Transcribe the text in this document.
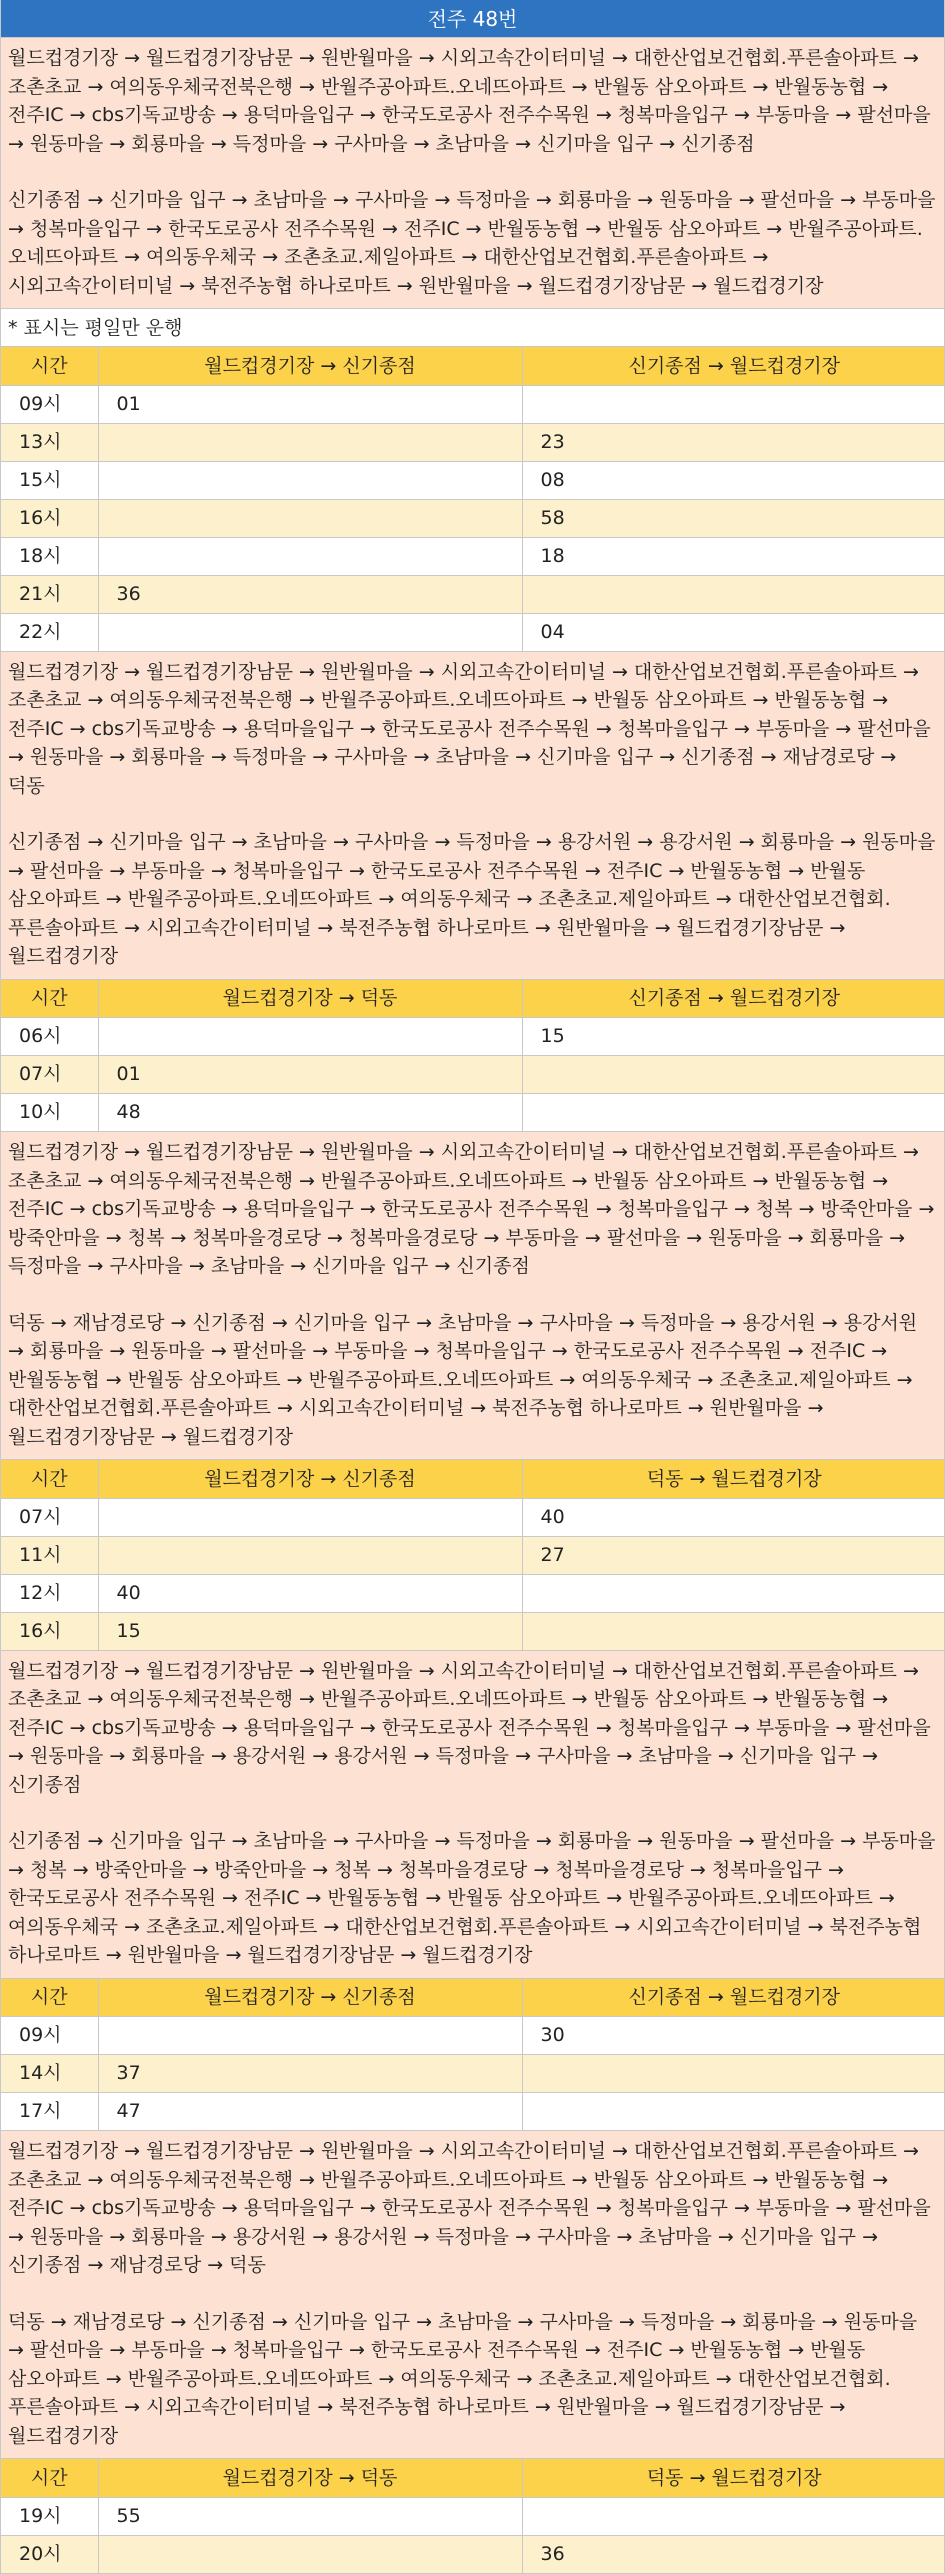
전주 48번

월드컵경기장 → 월드컵경기장남문 → 원반월마을 → 시외고속간이터미널 → 대한산업보건협회.푸른솔아파트 → 조촌초교 → 여의동우체국전북은행 → 반월주공아파트.오네뜨아파트 → 반월동 삼오아파트 → 반월동농협 → 전주IC → cbs기독교방송 → 용덕마을입구 → 한국도로공사 전주수목원 → 청복마을입구 → 부동마을 → 팔선마을 → 원동마을 → 회룡마을 → 득정마을 → 구사마을 → 초남마을 → 신기마을 입구 → 신기종점

신기종점 → 신기마을 입구 → 초남마을 → 구사마을 → 득정마을 → 회룡마을 → 원동마을 → 팔선마을 → 부동마을 → 청복마을입구 → 한국도로공사 전주수목원 → 전주IC → 반월동농협 → 반월동 삼오아파트 → 반월주공아파트.오네뜨아파트 → 여의동우체국 → 조촌초교.제일아파트 → 대한산업보건협회.푸른솔아파트 → 시외고속간이터미널 → 북전주농협 하나로마트 → 원반월마을 → 월드컵경기장남문 → 월드컵경기장

* 표시는 평일만 운행
시간	월드컵경기장 → 신기종점	신기종점 → 월드컵경기장
09시	01	
13시		23
15시		08
16시		58
18시		18
21시	36	
22시		04

월드컵경기장 → 월드컵경기장남문 → 원반월마을 → 시외고속간이터미널 → 대한산업보건협회.푸른솔아파트 → 조촌초교 → 여의동우체국전북은행 → 반월주공아파트.오네뜨아파트 → 반월동 삼오아파트 → 반월동농협 → 전주IC → cbs기독교방송 → 용덕마을입구 → 한국도로공사 전주수목원 → 청복마을입구 → 부동마을 → 팔선마을 → 원동마을 → 회룡마을 → 득정마을 → 구사마을 → 초남마을 → 신기마을 입구 → 신기종점 → 재남경로당 → 덕동

신기종점 → 신기마을 입구 → 초남마을 → 구사마을 → 득정마을 → 용강서원 → 용강서원 → 회룡마을 → 원동마을 → 팔선마을 → 부동마을 → 청복마을입구 → 한국도로공사 전주수목원 → 전주IC → 반월동농협 → 반월동 삼오아파트 → 반월주공아파트.오네뜨아파트 → 여의동우체국 → 조촌초교.제일아파트 → 대한산업보건협회.푸른솔아파트 → 시외고속간이터미널 → 북전주농협 하나로마트 → 원반월마을 → 월드컵경기장남문 → 월드컵경기장

시간	월드컵경기장 → 덕동	신기종점 → 월드컵경기장
06시		15
07시	01	
10시	48	

월드컵경기장 → 월드컵경기장남문 → 원반월마을 → 시외고속간이터미널 → 대한산업보건협회.푸른솔아파트 → 조촌초교 → 여의동우체국전북은행 → 반월주공아파트.오네뜨아파트 → 반월동 삼오아파트 → 반월동농협 → 전주IC → cbs기독교방송 → 용덕마을입구 → 한국도로공사 전주수목원 → 청복마을입구 → 청복 → 방죽안마을 → 방죽안마을 → 청복 → 청복마을경로당 → 청복마을경로당 → 부동마을 → 팔선마을 → 원동마을 → 회룡마을 → 득정마을 → 구사마을 → 초남마을 → 신기마을 입구 → 신기종점

덕동 → 재남경로당 → 신기종점 → 신기마을 입구 → 초남마을 → 구사마을 → 득정마을 → 용강서원 → 용강서원 → 회룡마을 → 원동마을 → 팔선마을 → 부동마을 → 청복마을입구 → 한국도로공사 전주수목원 → 전주IC → 반월동농협 → 반월동 삼오아파트 → 반월주공아파트.오네뜨아파트 → 여의동우체국 → 조촌초교.제일아파트 → 대한산업보건협회.푸른솔아파트 → 시외고속간이터미널 → 북전주농협 하나로마트 → 원반월마을 → 월드컵경기장남문 → 월드컵경기장

시간	월드컵경기장 → 신기종점	덕동 → 월드컵경기장
07시		40
11시		27
12시	40	
16시	15	

월드컵경기장 → 월드컵경기장남문 → 원반월마을 → 시외고속간이터미널 → 대한산업보건협회.푸른솔아파트 → 조촌초교 → 여의동우체국전북은행 → 반월주공아파트.오네뜨아파트 → 반월동 삼오아파트 → 반월동농협 → 전주IC → cbs기독교방송 → 용덕마을입구 → 한국도로공사 전주수목원 → 청복마을입구 → 부동마을 → 팔선마을 → 원동마을 → 회룡마을 → 용강서원 → 용강서원 → 득정마을 → 구사마을 → 초남마을 → 신기마을 입구 → 신기종점

신기종점 → 신기마을 입구 → 초남마을 → 구사마을 → 득정마을 → 회룡마을 → 원동마을 → 팔선마을 → 부동마을 → 청복 → 방죽안마을 → 방죽안마을 → 청복 → 청복마을경로당 → 청복마을경로당 → 청복마을입구 → 한국도로공사 전주수목원 → 전주IC → 반월동농협 → 반월동 삼오아파트 → 반월주공아파트.오네뜨아파트 → 여의동우체국 → 조촌초교.제일아파트 → 대한산업보건협회.푸른솔아파트 → 시외고속간이터미널 → 북전주농협 하나로마트 → 원반월마을 → 월드컵경기장남문 → 월드컵경기장

시간	월드컵경기장 → 신기종점	신기종점 → 월드컵경기장
09시		30
14시	37	
17시	47	

월드컵경기장 → 월드컵경기장남문 → 원반월마을 → 시외고속간이터미널 → 대한산업보건협회.푸른솔아파트 → 조촌초교 → 여의동우체국전북은행 → 반월주공아파트.오네뜨아파트 → 반월동 삼오아파트 → 반월동농협 → 전주IC → cbs기독교방송 → 용덕마을입구 → 한국도로공사 전주수목원 → 청복마을입구 → 부동마을 → 팔선마을 → 원동마을 → 회룡마을 → 용강서원 → 용강서원 → 득정마을 → 구사마을 → 초남마을 → 신기마을 입구 → 신기종점 → 재남경로당 → 덕동

덕동 → 재남경로당 → 신기종점 → 신기마을 입구 → 초남마을 → 구사마을 → 득정마을 → 회룡마을 → 원동마을 → 팔선마을 → 부동마을 → 청복마을입구 → 한국도로공사 전주수목원 → 전주IC → 반월동농협 → 반월동 삼오아파트 → 반월주공아파트.오네뜨아파트 → 여의동우체국 → 조촌초교.제일아파트 → 대한산업보건협회.푸른솔아파트 → 시외고속간이터미널 → 북전주농협 하나로마트 → 원반월마을 → 월드컵경기장남문 → 월드컵경기장

시간	월드컵경기장 → 덕동	덕동 → 월드컵경기장
19시	55	
20시		36
